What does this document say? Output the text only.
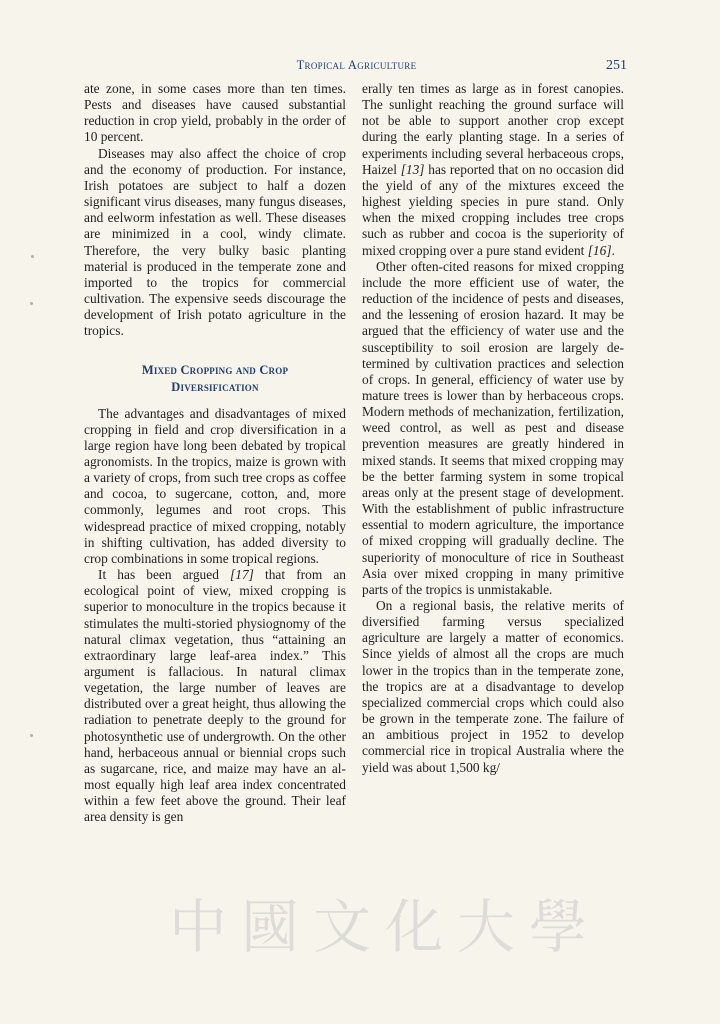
Tropical Agriculture	251

ate zone, in some cases more than ten times. Pests and diseases have caused substantial reduction in crop yield, probably in the order of 10 percent.

Diseases may also affect the choice of crop and the economy of production. For instance, Irish potatoes are subject to half a dozen significant virus diseases, many fungus diseases, and eelworm infestation as well. These diseases are minimized in a cool, windy climate. Therefore, the very bulky basic planting material is produced in the temperate zone and imported to the tropics for commercial cultivation. The expensive seeds discourage the development of Irish potato agriculture in the tropics.

Mixed Cropping and Crop
Diversification

The advantages and disadvantages of mixed cropping in field and crop diversification in a large region have long been debated by tropical agronomists. In the tropics, maize is grown with a variety of crops, from such tree crops as coffee and cocoa, to sugercane, cotton, and, more commonly, legumes and root crops. This widespread practice of mixed cropping, notably in shifting cultivation, has added diversity to crop combinations in some tropical regions.

It has been argued [17] that from an ecological point of view, mixed cropping is superior to monoculture in the tropics because it stimulates the multi-storied physiognomy of the natural climax vegetation, thus “attaining an extraordinary large leaf-area index.” This argument is fallacious. In natural climax vegetation, the large number of leaves are distributed over a great height, thus allowing the radiation to penetrate deeply to the ground for photosynthetic use of undergrowth. On the other hand, herbaceous annual or biennial crops such as sugarcane, rice, and maize may have an almost equally high leaf area index concentrated within a few feet above the ground. Their leaf area density is gen

erally ten times as large as in forest canopies. The sunlight reaching the ground surface will not be able to support another crop except during the early planting stage. In a series of experiments including several herbaceous crops, Haizel [13] has reported that on no occasion did the yield of any of the mixtures exceed the highest yielding species in pure stand. Only when the mixed cropping includes tree crops such as rubber and cocoa is the superiority of mixed cropping over a pure stand evident [16].

Other often-cited reasons for mixed cropping include the more efficient use of water, the reduction of the incidence of pests and diseases, and the lessening of erosion hazard. It may be argued that the efficiency of water use and the susceptibility to soil erosion are largely determined by cultivation practices and selection of crops. In general, efficiency of water use by mature trees is lower than by herbaceous crops. Modern methods of mechanization, fertilization, weed control, as well as pest and disease prevention measures are greatly hindered in mixed stands. It seems that mixed cropping may be the better farming system in some tropical areas only at the present stage of development. With the establishment of public infrastructure essential to modern agriculture, the importance of mixed cropping will gradually decline. The superiority of monoculture of rice in Southeast Asia over mixed cropping in many primitive parts of the tropics is unmistakable.

On a regional basis, the relative merits of diversified farming versus specialized agriculture are largely a matter of economics. Since yields of almost all the crops are much lower in the tropics than in the temperate zone, the tropics are at a disadvantage to develop specialized commercial crops which could also be grown in the temperate zone. The failure of an ambitious project in 1952 to develop commercial rice in tropical Australia where the yield was about 1,500 kg/

中國文化大學
